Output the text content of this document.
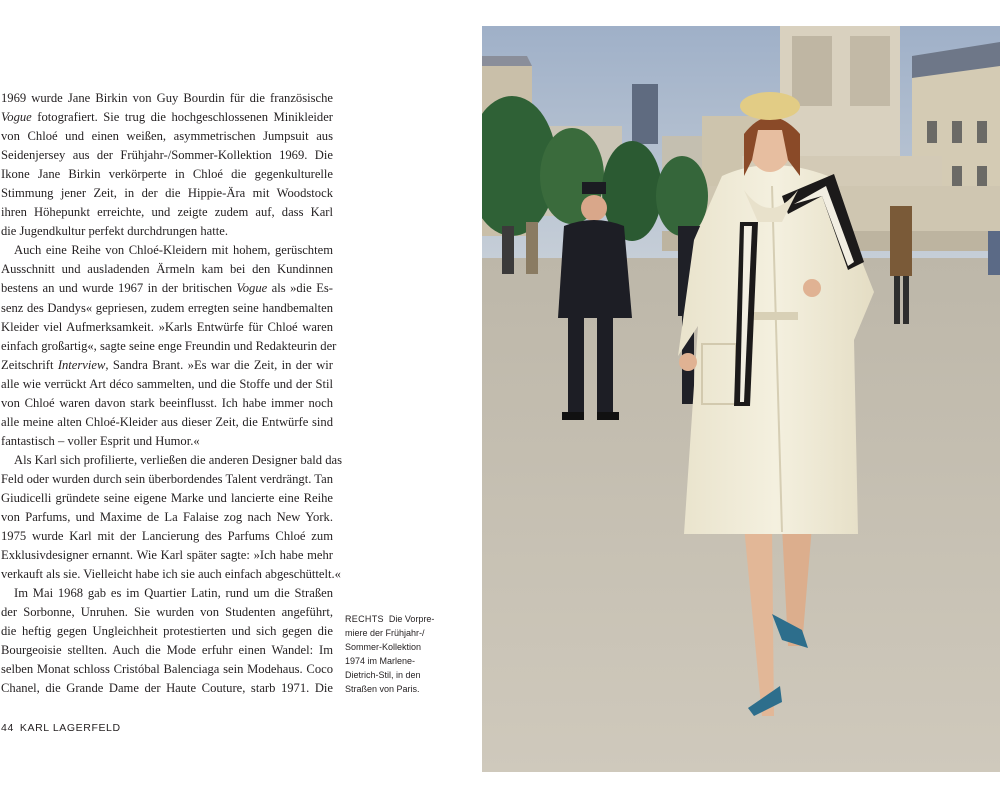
1969 wurde Jane Birkin von Guy Bourdin für die französische
Vogue fotografiert. Sie trug die hochgeschlossenen Minikleider
von Chloé und einen weißen, asymmetrischen Jumpsuit aus
Seidenjersey aus der Frühjahr-/Sommer-Kollektion 1969. Die
Ikone Jane Birkin verkörperte in Chloé die gegenkulturelle
Stimmung jener Zeit, in der die Hippie-Ära mit Woodstock
ihren Höhepunkt erreichte, und zeigte zudem auf, dass Karl
die Jugendkultur perfekt durchdrungen hatte.
Auch eine Reihe von Chloé-Kleidern mit hohem, gerüschtem
Ausschnitt und ausladenden Ärmeln kam bei den Kundinnen
bestens an und wurde 1967 in der britischen Vogue als »die Es-
senz des Dandys« gepriesen, zudem erregten seine handbemalten
Kleider viel Aufmerksamkeit. »Karls Entwürfe für Chloé waren
einfach großartig«, sagte seine enge Freundin und Redakteurin der
Zeitschrift Interview, Sandra Brant. »Es war die Zeit, in der wir
alle wie verrückt Art déco sammelten, und die Stoffe und der Stil
von Chloé waren davon stark beeinflusst. Ich habe immer noch
alle meine alten Chloé-Kleider aus dieser Zeit, die Entwürfe sind
fantastisch – voller Esprit und Humor.«
Als Karl sich profilierte, verließen die anderen Designer bald das
Feld oder wurden durch sein überbordendes Talent verdrängt. Tan
Giudicelli gründete seine eigene Marke und lancierte eine Reihe
von Parfums, und Maxime de La Falaise zog nach New York.
1975 wurde Karl mit der Lancierung des Parfums Chloé zum
Exklusivdesigner ernannt. Wie Karl später sagte: »Ich habe mehr
verkauft als sie. Vielleicht habe ich sie auch einfach abgeschüttelt.«
Im Mai 1968 gab es im Quartier Latin, rund um die Straßen
der Sorbonne, Unruhen. Sie wurden von Studenten angeführt,
die heftig gegen Ungleichheit protestierten und sich gegen die
Bourgeoisie stellten. Auch die Mode erfuhr einen Wandel: Im
selben Monat schloss Cristóbal Balenciaga sein Modehaus. Coco
Chanel, die Grande Dame der Haute Couture, starb 1971. Die
44 KARL LAGERFELD
RECHTS Die Vorpre-
miere der Frühjahr-/
Sommer-Kollektion
1974 im Marlene-
Dietrich-Stil, in den
Straßen von Paris.
